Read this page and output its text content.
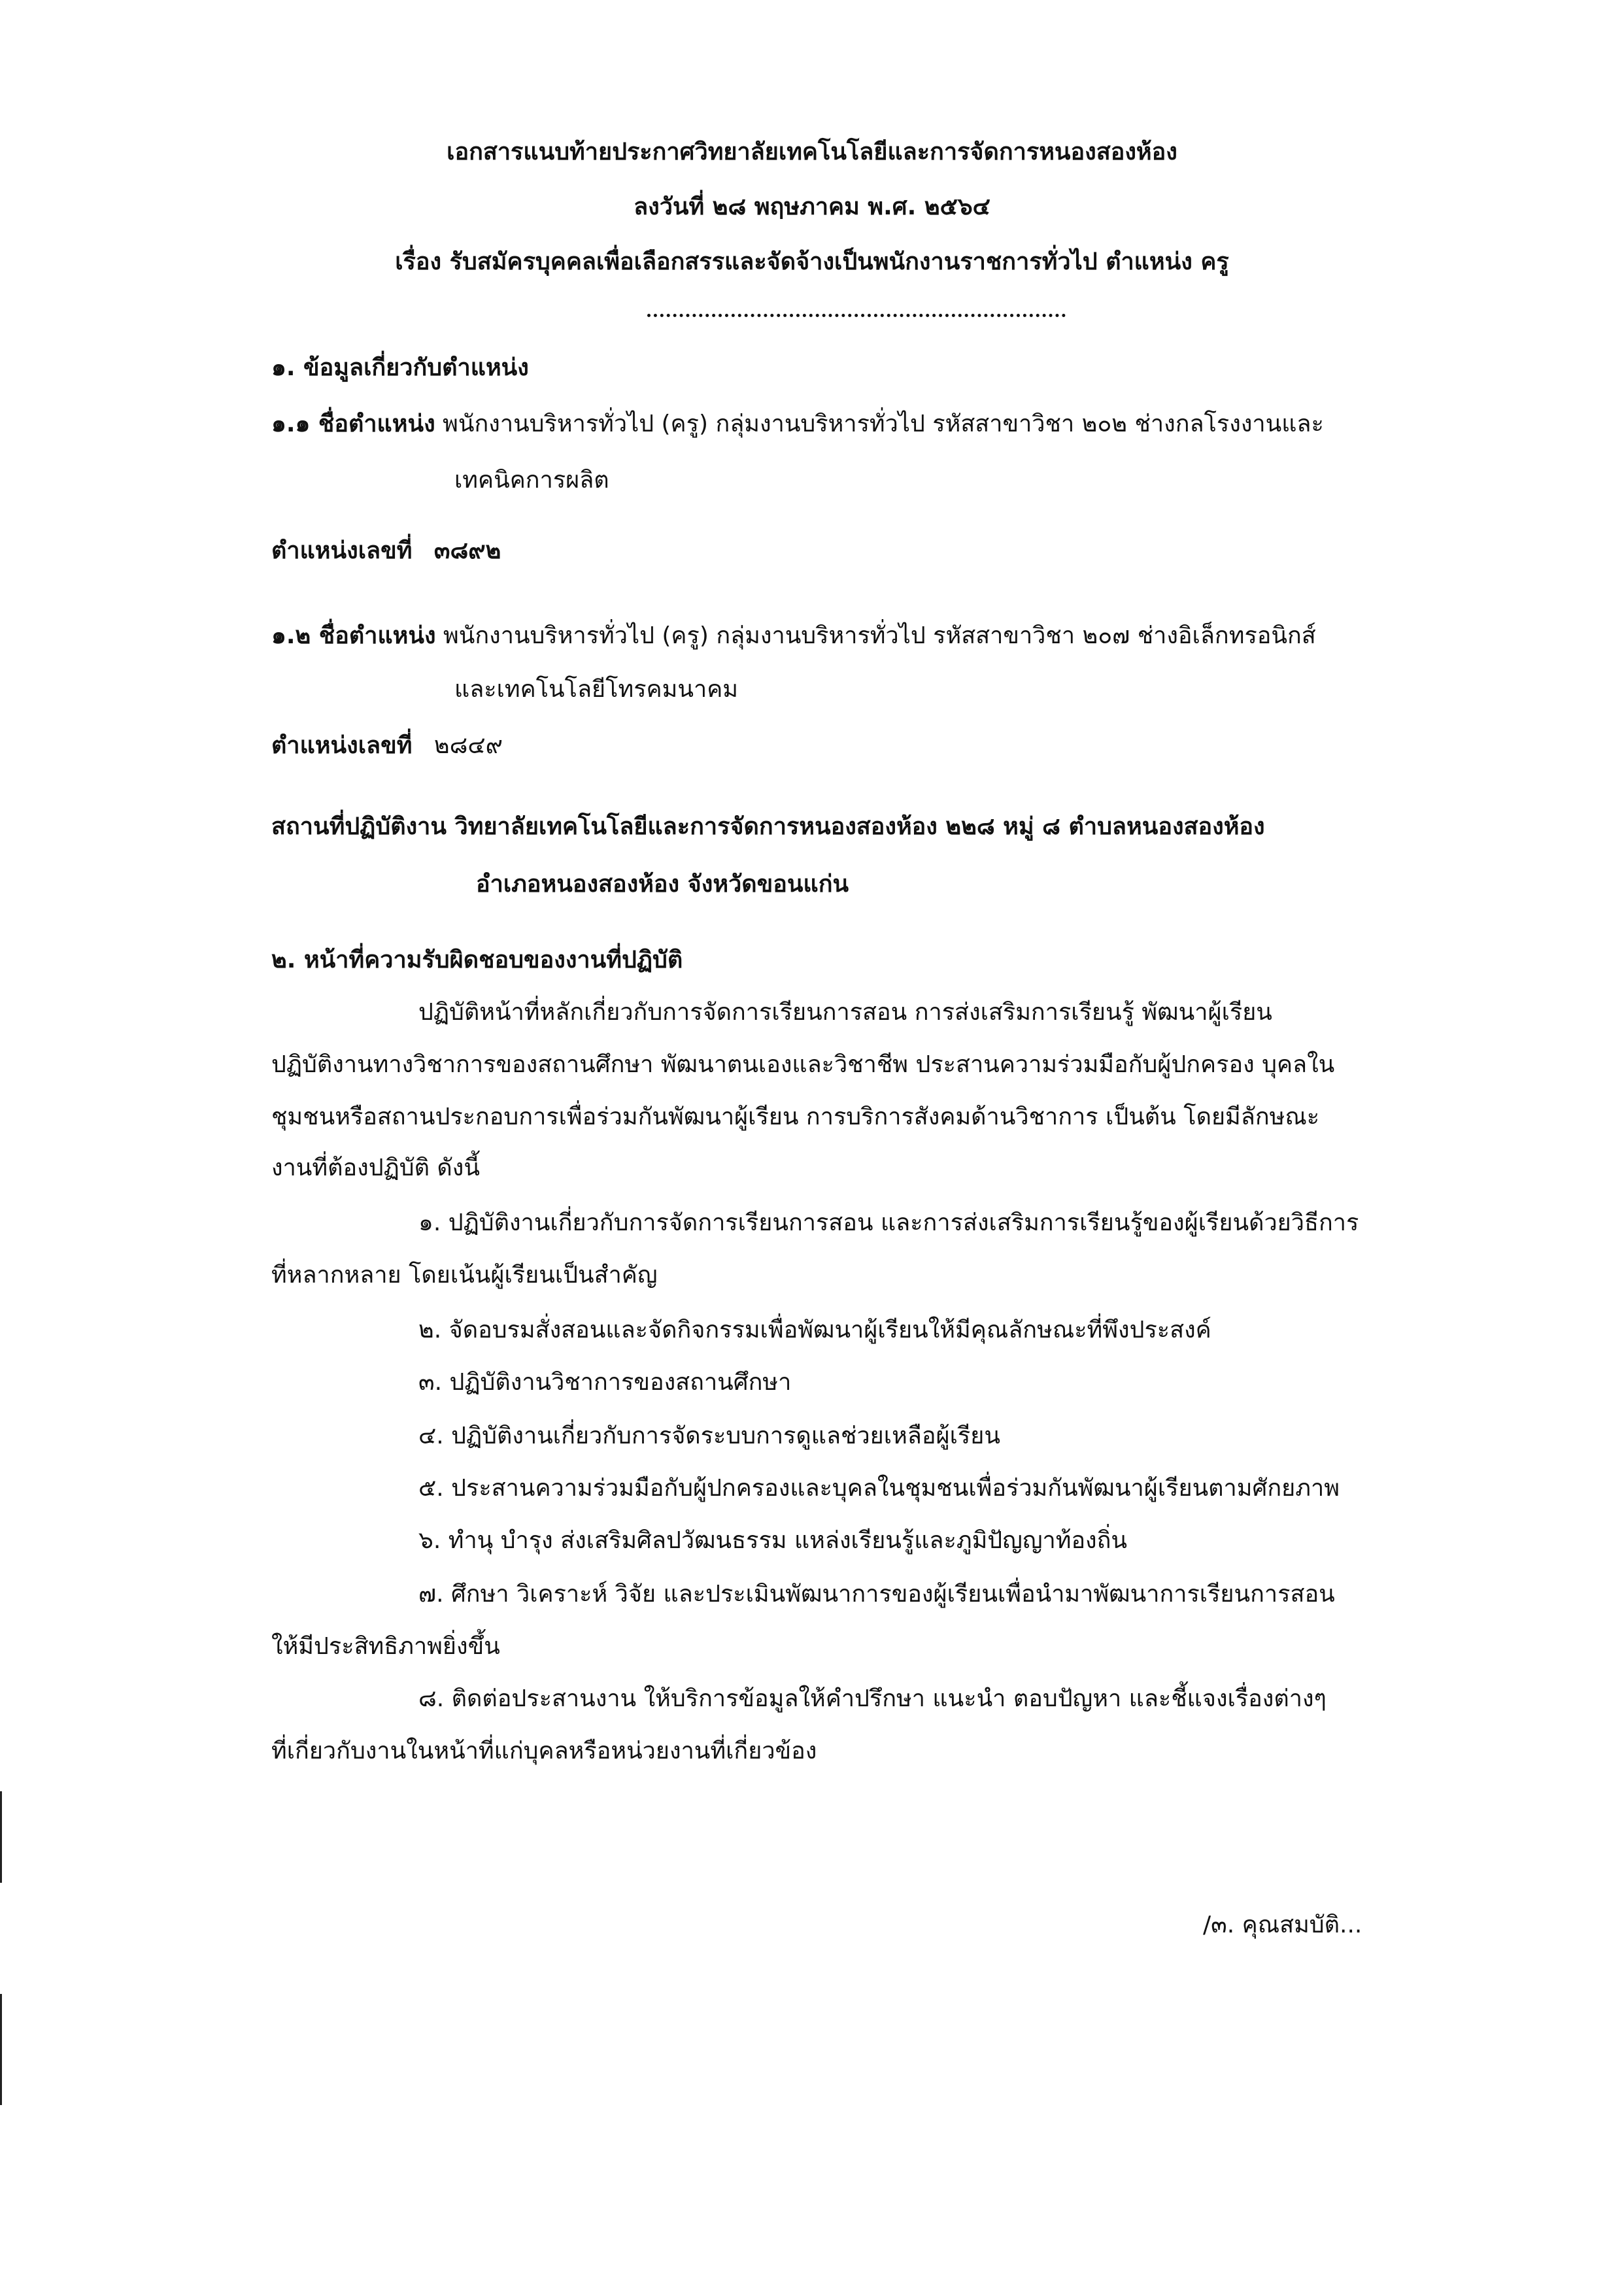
เอกสารแนบท้ายประกาศวิทยาลัยเทคโนโลยีและการจัดการหนองสองห้อง
ลงวันที่ ๒๘ พฤษภาคม พ.ศ. ๒๕๖๔
เรื่อง รับสมัครบุคคลเพื่อเลือกสรรและจัดจ้างเป็นพนักงานราชการทั่วไป ตำแหน่ง ครู
๑. ข้อมูลเกี่ยวกับตำแหน่ง
๑.๑ ชื่อตำแหน่ง พนักงานบริหารทั่วไป (ครู) กลุ่มงานบริหารทั่วไป รหัสสาขาวิชา ๒๐๒ ช่างกลโรงงานและ
เทคนิคการผลิต
ตำแหน่งเลขที่ ๓๘๙๒
๑.๒ ชื่อตำแหน่ง พนักงานบริหารทั่วไป (ครู) กลุ่มงานบริหารทั่วไป รหัสสาขาวิชา ๒๐๗ ช่างอิเล็กทรอนิกส์
และเทคโนโลยีโทรคมนาคม
ตำแหน่งเลขที่ ๒๘๔๙
สถานที่ปฏิบัติงาน วิทยาลัยเทคโนโลยีและการจัดการหนองสองห้อง ๒๒๘ หมู่ ๘ ตำบลหนองสองห้อง
อำเภอหนองสองห้อง จังหวัดขอนแก่น
๒. หน้าที่ความรับผิดชอบของงานที่ปฏิบัติ
ปฏิบัติหน้าที่หลักเกี่ยวกับการจัดการเรียนการสอน การส่งเสริมการเรียนรู้ พัฒนาผู้เรียน
ปฏิบัติงานทางวิชาการของสถานศึกษา พัฒนาตนเองและวิชาชีพ ประสานความร่วมมือกับผู้ปกครอง บุคลใน
ชุมชนหรือสถานประกอบการเพื่อร่วมกันพัฒนาผู้เรียน การบริการสังคมด้านวิชาการ เป็นต้น โดยมีลักษณะ
งานที่ต้องปฏิบัติ ดังนี้
๑. ปฏิบัติงานเกี่ยวกับการจัดการเรียนการสอน และการส่งเสริมการเรียนรู้ของผู้เรียนด้วยวิธีการ
ที่หลากหลาย โดยเน้นผู้เรียนเป็นสำคัญ
๒. จัดอบรมสั่งสอนและจัดกิจกรรมเพื่อพัฒนาผู้เรียนให้มีคุณลักษณะที่พึงประสงค์
๓. ปฏิบัติงานวิชาการของสถานศึกษา
๔. ปฏิบัติงานเกี่ยวกับการจัดระบบการดูแลช่วยเหลือผู้เรียน
๕. ประสานความร่วมมือกับผู้ปกครองและบุคลในชุมชนเพื่อร่วมกันพัฒนาผู้เรียนตามศักยภาพ
๖. ทำนุ บำรุง ส่งเสริมศิลปวัฒนธรรม แหล่งเรียนรู้และภูมิปัญญาท้องถิ่น
๗. ศึกษา วิเคราะห์ วิจัย และประเมินพัฒนาการของผู้เรียนเพื่อนำมาพัฒนาการเรียนการสอน
ให้มีประสิทธิภาพยิ่งขึ้น
๘. ติดต่อประสานงาน ให้บริการข้อมูลให้คำปรึกษา แนะนำ ตอบปัญหา และชี้แจงเรื่องต่างๆ
ที่เกี่ยวกับงานในหน้าที่แก่บุคลหรือหน่วยงานที่เกี่ยวข้อง
/๓. คุณสมบัติ...
